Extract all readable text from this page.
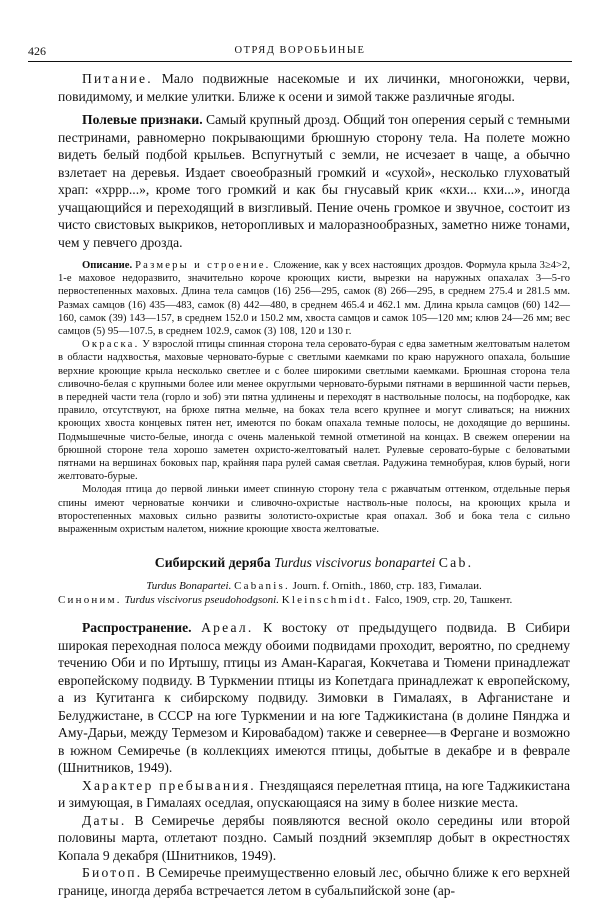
426	ОТРЯД ВОРОБЬИНЫЕ

Питание. Мало подвижные насекомые и их личинки, многоножки, черви, повидимому, и мелкие улитки. Ближе к осени и зимой также различные ягоды.

Полевые признаки. Самый крупный дрозд. Общий тон оперения серый с темными пестринами, равномерно покрывающими брюшную сторону тела. На полете можно видеть белый подбой крыльев. Вспугнутый с земли, не исчезает в чаще, а обычно взлетает на деревья. Издает своеобразный громкий и «сухой», несколько глуховатый храп: «хррр...», кроме того громкий и как бы гнусавый крик «кхи... кхи...», иногда учащающийся и переходящий в визгливый. Пение очень громкое и звучное, состоит из чисто свистовых выкриков, неторопливых и малоразнообразных, заметно ниже тонами, чем у певчего дрозда.

Описание. Размеры и строение. Сложение, как у всех настоящих дроздов. Формула крыла 3≥4>2, 1-е маховое недоразвито, значительно короче кроющих кисти, вырезки на наружных опахалах 3—5-го первостепенных маховых. Длина тела самцов (16) 256—295, самок (8) 266—295, в среднем 275.4 и 281.5 мм. Размах самцов (16) 435—483, самок (8) 442—480, в среднем 465.4 и 462.1 мм. Длина крыла самцов (60) 142—160, самок (39) 143—157, в среднем 152.0 и 150.2 мм, хвоста самцов и самок 105—120 мм; клюв 24—26 мм; вес самцов (5) 95—107.5, в среднем 102.9, самок (3) 108, 120 и 130 г.

Окраска. У взрослой птицы спинная сторона тела серовато-бурая с едва заметным желтоватым налетом в области надхвостья, маховые черновато-бурые с светлыми каемками по краю наружного опахала, большие верхние кроющие крыла несколько светлее и с более широкими светлыми каемками. Брюшная сторона тела сливочно-белая с крупными более или менее округлыми черновато-бурыми пятнами в вершинной части перьев, в передней части тела (горло и зоб) эти пятна удлинены и переходят в наствольные полосы, на подбородке, как правило, отсутствуют, на брюхе пятна мельче, на боках тела всего крупнее и могут сливаться; на нижних кроющих хвоста концевых пятен нет, имеются по бокам опахала темные полосы, не доходящие до вершины. Подмышечные чисто-белые, иногда с очень маленькой темной отметиной на концах. В свежем оперении на брюшной стороне тела хорошо заметен охристо-желтоватый налет. Рулевые серовато-бурые с беловатыми пятнами на вершинах боковых пар, крайняя пара рулей самая светлая. Радужина темнобурая, клюв бурый, ноги желтовато-бурые.

Молодая птица до первой линьки имеет спинную сторону тела с ржавчатым оттенком, отдельные перья спины имеют черноватые кончики и сливочно-охристые настволь-ные полосы, на кроющих крыла и второстепенных маховых сильно развиты золотисто-охристые края опахал. Зоб и бока тела с сильно выраженным охристым налетом, нижние кроющие хвоста желтоватые.

Сибирский деряба Turdus viscivorus bonapartei Cab.

Turdus Bonapartei. Cabanis. Journ. f. Ornith., 1860, стр. 183, Гималаи.

Синоним. Turdus viscivorus pseudohodgsoni. Kleinschmidt. Falco, 1909, стр. 20, Ташкент.

Распространение. Ареал. К востоку от предыдущего подвида. В Сибири широкая переходная полоса между обоими подвидами проходит, вероятно, по среднему течению Оби и по Иртышу, птицы из Аман-Карагая, Кокчетава и Тюмени принадлежат европейскому подвиду. В Туркмении птицы из Копетдага принадлежат к европейскому, а из Кугитанга к сибирскому подвиду. Зимовки в Гималаях, в Афганистане и Белуджистане, в СССР на юге Туркмении и на юге Таджикистана (в долине Пянджа и Аму-Дарьи, между Термезом и Кировабадом) также и севернее—в Фергане и возможно в южном Семиречье (в коллекциях имеются птицы, добытые в декабре и в феврале (Шнитников, 1949).

Характер пребывания. Гнездящаяся перелетная птица, на юге Таджикистана и зимующая, в Гималаях оседлая, опускающаяся на зиму в более низкие места.

Даты. В Семиречье дерябы появляются весной около середины или второй половины марта, отлетают поздно. Самый поздний экземпляр добыт в окрестностях Копала 9 декабря (Шнитников, 1949).

Биотоп. В Семиречье преимущественно еловый лес, обычно ближе к его верхней границе, иногда деряба встречается летом в субальпийской зоне (ар-
